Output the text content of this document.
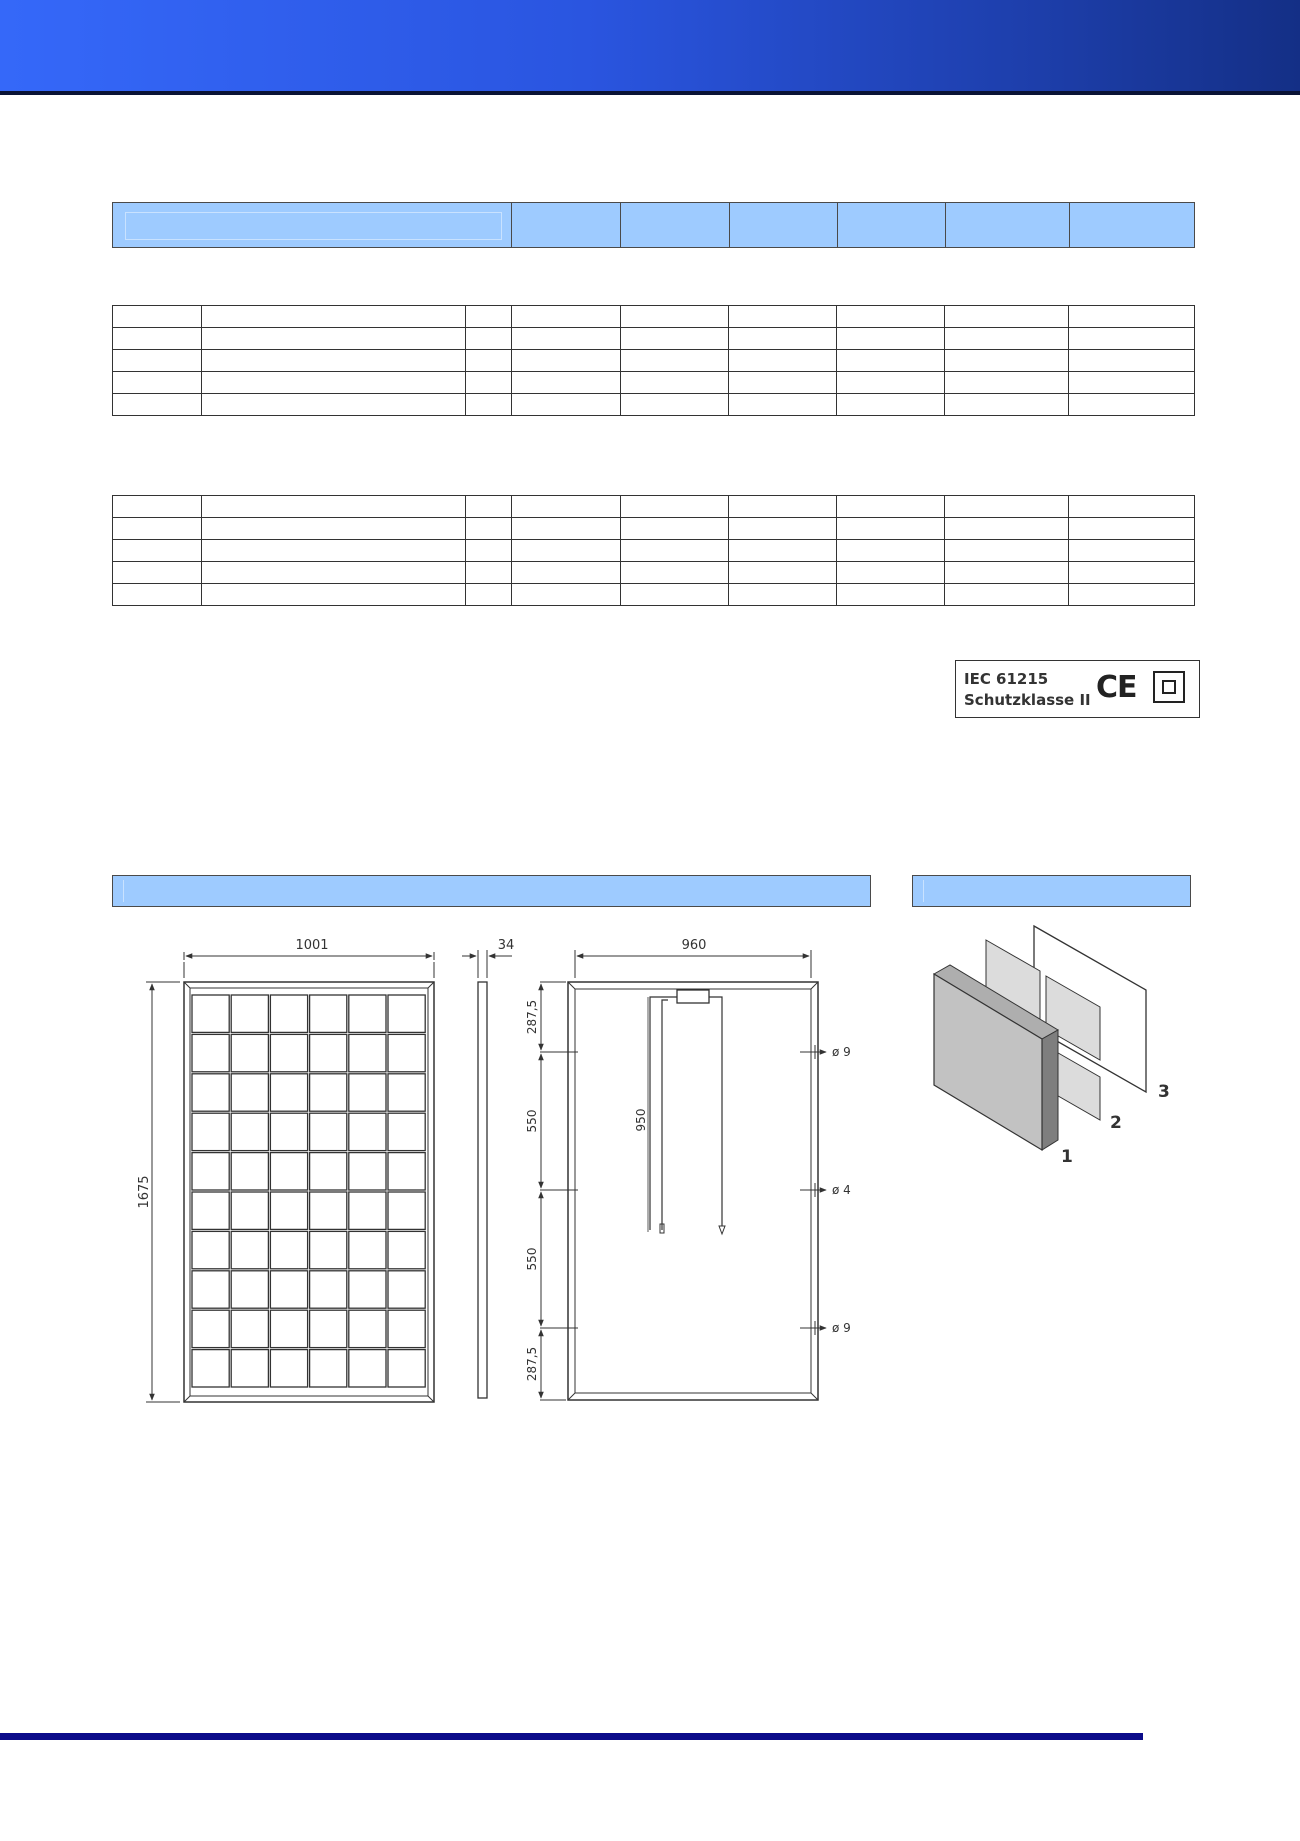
IEC 61215
Schutzklasse II CE
1001
1675
34	960
287,5
550
550
287,5
950
ø 9
ø 4
ø 9
1
2
3
